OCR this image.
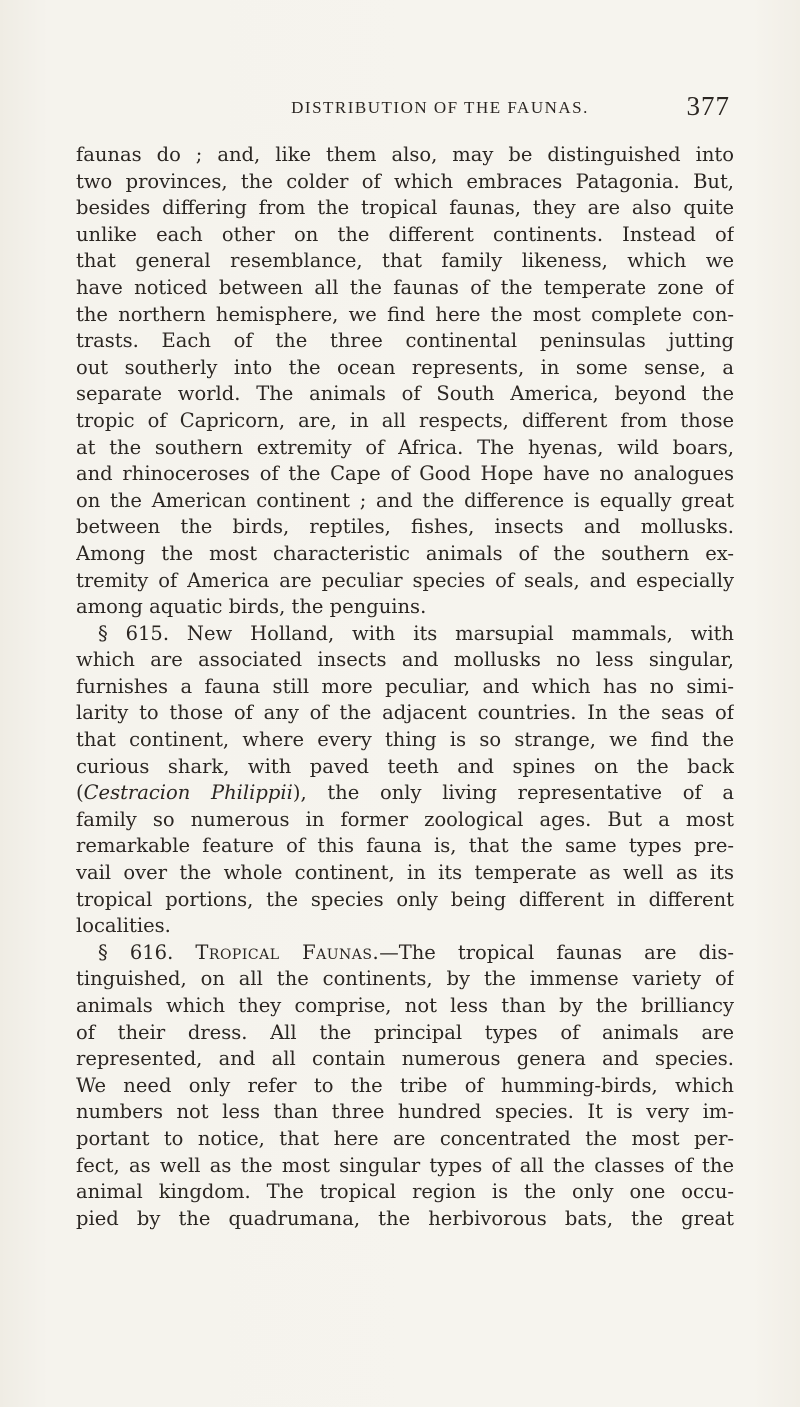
DISTRIBUTION OF THE FAUNAS.	377
faunas do ; and, like them also, may be distinguished into
two provinces, the colder of which embraces Patagonia. But,
besides differing from the tropical faunas, they are also quite
unlike each other on the different continents. Instead of
that general resemblance, that family likeness, which we
have noticed between all the faunas of the temperate zone of
the northern hemisphere, we find here the most complete con-
trasts. Each of the three continental peninsulas jutting
out southerly into the ocean represents, in some sense, a
separate world. The animals of South America, beyond the
tropic of Capricorn, are, in all respects, different from those
at the southern extremity of Africa. The hyenas, wild boars,
and rhinoceroses of the Cape of Good Hope have no analogues
on the American continent ; and the difference is equally great
between the birds, reptiles, fishes, insects and mollusks.
Among the most characteristic animals of the southern ex-
tremity of America are peculiar species of seals, and especially
among aquatic birds, the penguins.
§ 615. New Holland, with its marsupial mammals, with
which are associated insects and mollusks no less singular,
furnishes a fauna still more peculiar, and which has no simi-
larity to those of any of the adjacent countries. In the seas of
that continent, where every thing is so strange, we find the
curious shark, with paved teeth and spines on the back
(Cestracion Philippii), the only living representative of a
family so numerous in former zoological ages. But a most
remarkable feature of this fauna is, that the same types pre-
vail over the whole continent, in its temperate as well as its
tropical portions, the species only being different in different
localities.
§ 616. Tropical Faunas.—The tropical faunas are dis-
tinguished, on all the continents, by the immense variety of
animals which they comprise, not less than by the brilliancy
of their dress. All the principal types of animals are
represented, and all contain numerous genera and species.
We need only refer to the tribe of humming-birds, which
numbers not less than three hundred species. It is very im-
portant to notice, that here are concentrated the most per-
fect, as well as the most singular types of all the classes of the
animal kingdom. The tropical region is the only one occu-
pied by the quadrumana, the herbivorous bats, the great
